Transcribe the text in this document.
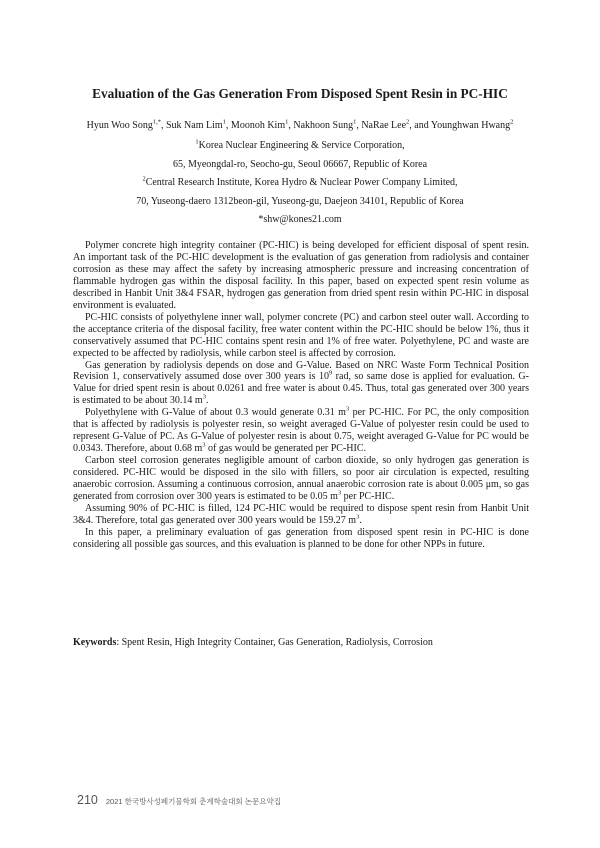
Evaluation of the Gas Generation From Disposed Spent Resin in PC-HIC
Hyun Woo Song$^{1,*}$, Suk Nam Lim$^1$, Moonoh Kim$^1$, Nakhoon Sung$^1$, NaRae Lee$^2$, and Younghwan Hwang$^2$
$^1$Korea Nuclear Engineering & Service Corporation,
65, Myeongdal-ro, Seocho-gu, Seoul 06667, Republic of Korea
$^2$Central Research Institute, Korea Hydro & Nuclear Power Company Limited,
70, Yuseong-daero 1312beon-gil, Yuseong-gu, Daejeon 34101, Republic of Korea
*shw@kones21.com

Polymer concrete high integrity container (PC-HIC) is being developed for efficient disposal of spent resin. An important task of the PC-HIC development is the evaluation of gas generation from radiolysis and container corrosion as these may affect the safety by increasing atmospheric pressure and increasing concentration of flammable hydrogen gas within the disposal facility. In this paper, based on expected spent resin volume as described in Hanbit Unit 3&4 FSAR, hydrogen gas generation from dried spent resin within PC-HIC in disposal environment is evaluated.

PC-HIC consists of polyethylene inner wall, polymer concrete (PC) and carbon steel outer wall. According to the acceptance criteria of the disposal facility, free water content within the PC-HIC should be below 1%, thus it conservatively assumed that PC-HIC contains spent resin and 1% of free water. Polyethylene, PC and waste are expected to be affected by radiolysis, while carbon steel is affected by corrosion.

Gas generation by radiolysis depends on dose and G-Value. Based on NRC Waste Form Technical Position Revision 1, conservatively assumed dose over 300 years is $10^9$ rad, so same dose is applied for evaluation. G-Value for dried spent resin is about 0.0261 and free water is about 0.45. Thus, total gas generated over 300 years is estimated to be about 30.14 $m^3$.

Polyethylene with G-Value of about 0.3 would generate 0.31 $m^3$ per PC-HIC. For PC, the only composition that is affected by radiolysis is polyester resin, so weight averaged G-Value of polyester resin could be used to represent G-Value of PC. As G-Value of polyester resin is about 0.75, weight averaged G-Value for PC would be 0.0343. Therefore, about 0.68 $m^3$ of gas would be generated per PC-HIC.

Carbon steel corrosion generates negligible amount of carbon dioxide, so only hydrogen gas generation is considered. PC-HIC would be disposed in the silo with fillers, so poor air circulation is expected, resulting anaerobic corrosion. Assuming a continuous corrosion, annual anaerobic corrosion rate is about 0.005 μm, so gas generated from corrosion over 300 years is estimated to be 0.05 $m^3$ per PC-HIC.

Assuming 90% of PC-HIC is filled, 124 PC-HIC would be required to dispose spent resin from Hanbit Unit 3&4. Therefore, total gas generated over 300 years would be 159.27 $m^3$.

In this paper, a preliminary evaluation of gas generation from disposed spent resin in PC-HIC is done considering all possible gas sources, and this evaluation is planned to be done for other NPPs in future.

Keywords: Spent Resin, High Integrity Container, Gas Generation, Radiolysis, Corrosion
210 2021 한국방사성폐기물학회 춘계학술대회 논문요약집
